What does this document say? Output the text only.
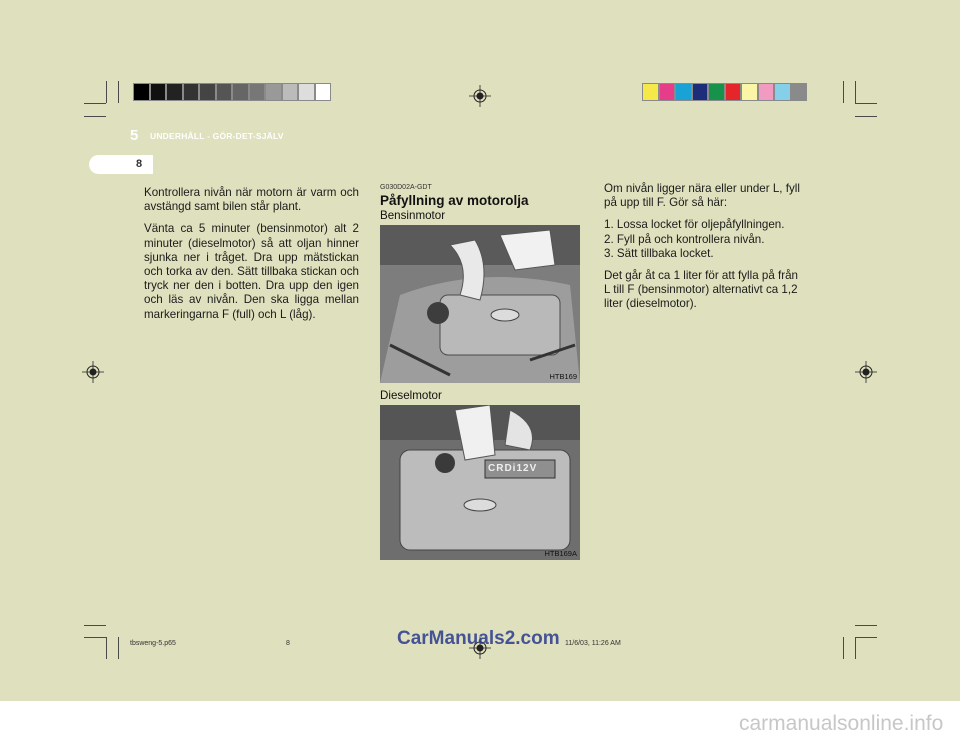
5 UNDERHÅLL - GÖR-DET-SJÄLV
8

Kontrollera nivån när motorn är varm och avstängd samt bilen står plant.

Vänta ca 5 minuter (bensinmotor) alt 2 minuter (dieselmotor) så att oljan hinner sjunka ner i tråget. Dra upp mätstickan och torka av den. Sätt tillbaka stickan och tryck ner den i botten. Dra upp den igen och läs av nivån. Den ska ligga mellan markeringarna F (full) och L (låg).

G030D02A-GDT
Påfyllning av motorolja
Bensinmotor
HTB169
Dieselmotor
CRDi12V
HTB169A

Om nivån ligger nära eller under L, fyll på upp till F. Gör så här:

1. Lossa locket för oljepåfyllningen.
2. Fyll på och kontrollera nivån.
3. Sätt tillbaka locket.

Det går åt ca 1 liter för att fylla på från L till F (bensinmotor) alternativt ca 1,2 liter (dieselmotor).

tbsweng-5.p65	8	11/6/03, 11:26 AM
CarManuals2.com
carmanualsonline.info
